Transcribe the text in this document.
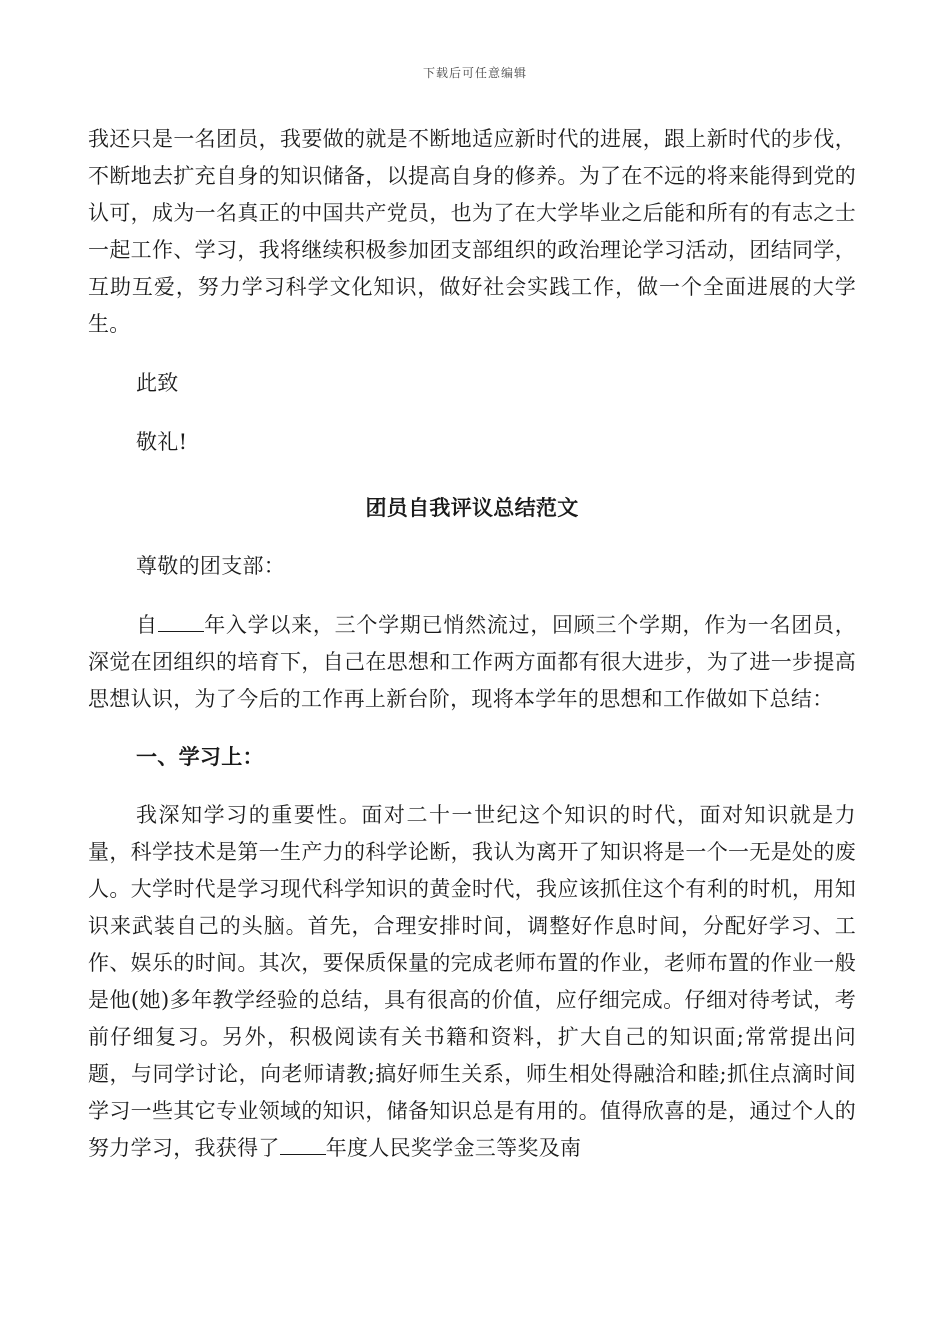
下载后可任意编辑

我还只是一名团员，我要做的就是不断地适应新时代的进展，跟上新时代的步伐，不断地去扩充自身的知识储备，以提高自身的修养。为了在不远的将来能得到党的认可，成为一名真正的中国共产党员，也为了在大学毕业之后能和所有的有志之士一起工作、学习，我将继续积极参加团支部组织的政治理论学习活动，团结同学，互助互爱，努力学习科学文化知识，做好社会实践工作，做一个全面进展的大学生。

此致

敬礼!

团员自我评议总结范文

尊敬的团支部：

自 年入学以来，三个学期已悄然流过，回顾三个学期，作为一名团员，深觉在团组织的培育下，自己在思想和工作两方面都有很大进步，为了进一步提高思想认识，为了今后的工作再上新台阶，现将本学年的思想和工作做如下总结：

一、学习上：

我深知学习的重要性。面对二十一世纪这个知识的时代，面对知识就是力量，科学技术是第一生产力的科学论断，我认为离开了知识将是一个一无是处的废人。大学时代是学习现代科学知识的黄金时代，我应该抓住这个有利的时机，用知识来武装自己的头脑。首先，合理安排时间，调整好作息时间，分配好学习、工作、娱乐的时间。其次，要保质保量的完成老师布置的作业，老师布置的作业一般是他(她)多年教学经验的总结，具有很高的价值，应仔细完成。仔细对待考试，考前仔细复习。另外，积极阅读有关书籍和资料，扩大自己的知识面;常常提出问题，与同学讨论，向老师请教;搞好师生关系，师生相处得融洽和睦;抓住点滴时间学习一些其它专业领域的知识，储备知识总是有用的。值得欣喜的是，通过个人的努力学习，我获得了 年度人民奖学金三等奖及南
